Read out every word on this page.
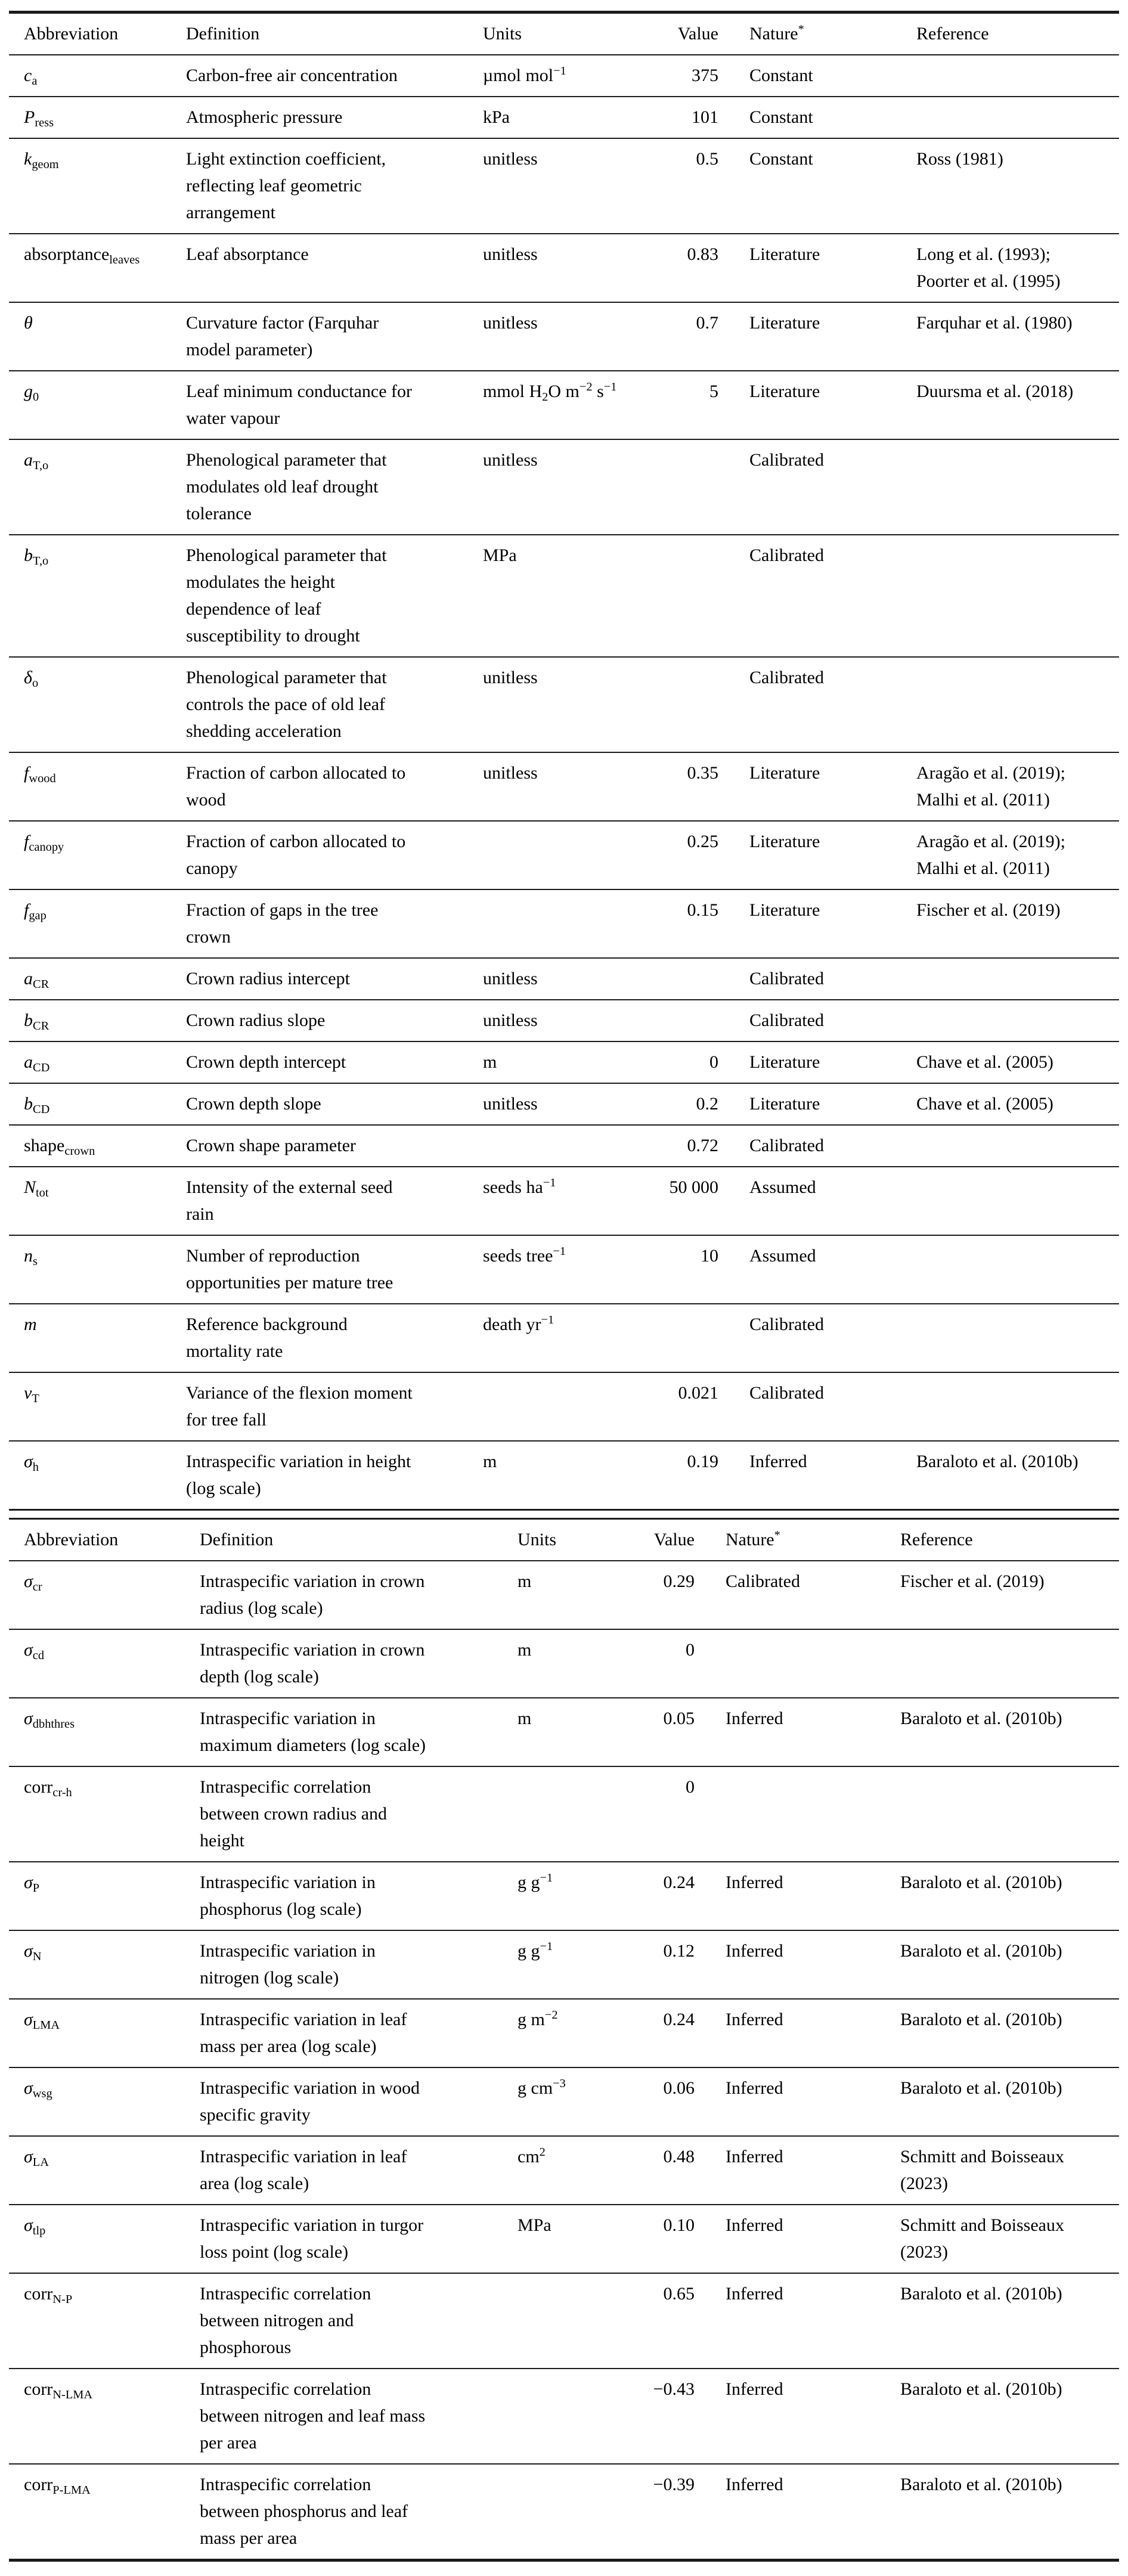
Abbreviation	Definition	Units	Value	Nature*	Reference
$c_a$	Carbon-free air concentration	µmol mol$^{-1}$	375	Constant	
$P_{ress}$	Atmospheric pressure	kPa	101	Constant	
$k_{geom}$	Light extinction coefficient,
reflecting leaf geometric
arrangement	unitless	0.5	Constant	Ross (1981)
absorptance$_{leaves}$	Leaf absorptance	unitless	0.83	Literature	Long et al. (1993);
Poorter et al. (1995)
θ	Curvature factor (Farquhar
model parameter)	unitless	0.7	Literature	Farquhar et al. (1980)
$g_0$	Leaf minimum conductance for
water vapour	mmol $H_2O$ $m^{-2}$ $s^{-1}$	5	Literature	Duursma et al. (2018)
$a_{T,o}$	Phenological parameter that
modulates old leaf drought
tolerance	unitless		Calibrated	
$b_{T,o}$	Phenological parameter that
modulates the height
dependence of leaf
susceptibility to drought	MPa		Calibrated	
$\delta_o$	Phenological parameter that
controls the pace of old leaf
shedding acceleration	unitless		Calibrated	
$f_{wood}$	Fraction of carbon allocated to
wood	unitless	0.35	Literature	Aragão et al. (2019);
Malhi et al. (2011)
$f_{canopy}$	Fraction of carbon allocated to
canopy		0.25	Literature	Aragão et al. (2019);
Malhi et al. (2011)
$f_{gap}$	Fraction of gaps in the tree
crown		0.15	Literature	Fischer et al. (2019)
$a_{CR}$	Crown radius intercept	unitless		Calibrated	
$b_{CR}$	Crown radius slope	unitless		Calibrated	
$a_{CD}$	Crown depth intercept	m	0	Literature	Chave et al. (2005)
$b_{CD}$	Crown depth slope	unitless	0.2	Literature	Chave et al. (2005)
shape$_{crown}$	Crown shape parameter		0.72	Calibrated	
$N_{tot}$	Intensity of the external seed
rain	seeds $ha^{-1}$	50 000	Assumed	
$n_s$	Number of reproduction
opportunities per mature tree	seeds tree$^{-1}$	10	Assumed	
m	Reference background
mortality rate	death $yr^{-1}$		Calibrated	
$v_T$	Variance of the flexion moment
for tree fall		0.021	Calibrated	
$\sigma_h$	Intraspecific variation in height
(log scale)	m	0.19	Inferred	Baraloto et al. (2010b)
Abbreviation	Definition	Units	Value	Nature*	Reference
$\sigma_{cr}$	Intraspecific variation in crown
radius (log scale)	m	0.29	Calibrated	Fischer et al. (2019)
$\sigma_{cd}$	Intraspecific variation in crown
depth (log scale)	m	0		
$\sigma_{dbhthres}$	Intraspecific variation in
maximum diameters (log scale)	m	0.05	Inferred	Baraloto et al. (2010b)
corr$_{cr-h}$	Intraspecific correlation
between crown radius and
height		0		
$\sigma_P$	Intraspecific variation in
phosphorus (log scale)	g $g^{-1}$	0.24	Inferred	Baraloto et al. (2010b)
$\sigma_N$	Intraspecific variation in
nitrogen (log scale)	g $g^{-1}$	0.12	Inferred	Baraloto et al. (2010b)
$\sigma_{LMA}$	Intraspecific variation in leaf
mass per area (log scale)	g $m^{-2}$	0.24	Inferred	Baraloto et al. (2010b)
$\sigma_{wsg}$	Intraspecific variation in wood
specific gravity	g $cm^{-3}$	0.06	Inferred	Baraloto et al. (2010b)
$\sigma_{LA}$	Intraspecific variation in leaf
area (log scale)	$cm^2$	0.48	Inferred	Schmitt and Boisseaux
(2023)
$\sigma_{tlp}$	Intraspecific variation in turgor
loss point (log scale)	MPa	0.10	Inferred	Schmitt and Boisseaux
(2023)
corr$_{N-P}$	Intraspecific correlation
between nitrogen and
phosphorous		0.65	Inferred	Baraloto et al. (2010b)
corr$_{N-LMA}$	Intraspecific correlation
between nitrogen and leaf mass
per area		−0.43	Inferred	Baraloto et al. (2010b)
corr$_{P-LMA}$	Intraspecific correlation
between phosphorus and leaf
mass per area		−0.39	Inferred	Baraloto et al. (2010b)
